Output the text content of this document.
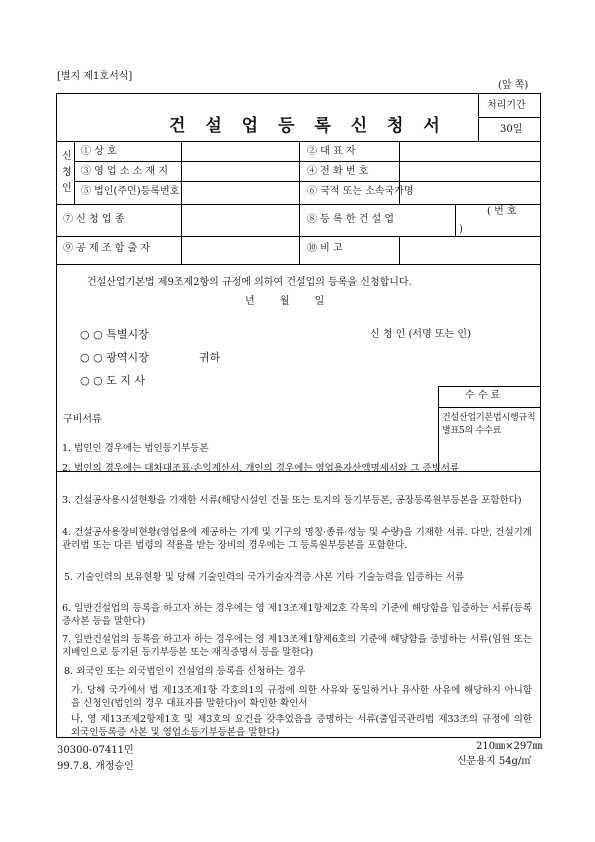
[별지 제1호서식]
(앞 쪽)
건 설 업 등 록 신 청 서
처리기간
30일
신
청
인
① 상 호	② 대 표 자
③ 영 업 소 소 재 지	④ 전 화 번 호
⑤ 법인(주민)등록번호	⑥ 국적 또는 소속국가명
⑦ 신 청 업 종	⑧ 등 록 한 건 설 업
( 번 호
)
⑨ 공 제 조 합 출 자	⑩ 비 고
건설산업기본법 제9조제2항의 규정에 의하여 건설업의 등록을 신청합니다.
년 월 일
○ ○ 특별시장
○ ○ 광역시장	귀하
○ ○ 도 지 사
신 청 인 (서명 또는 인)
수 수 료
건설산업기본법시행규칙 별표5의 수수료
구비서류
1. 법인인 경우에는 법인등기부등본
2. 법인의 경우에는 대차대조표·손익계산서, 개인의 경우에는 영업용자산액명세서와 그 증빙서류
3. 건설공사용시설현황을 기재한 서류(해당시설인 건물 또는 토지의 등기부등본, 공장등록원부등본을 포함한다)
4. 건설공사용장비현황(영업용에 제공하는 기계 및 기구의 명칭·종류·성능 및 수량)을 기재한 서류. 다만, 건설기계관리법 또는 다른 법령의 적용을 받는 장비의 경우에는 그 등록원부등본을 포함한다.
5. 기술인력의 보유현황 및 당해 기술인력의 국가기술자격증 사본 기타 기술능력을 입증하는 서류
6. 일반건설업의 등록을 하고자 하는 경우에는 영 제13조제1항제2호 각목의 기준에 해당함을 입증하는 서류(등록증사본 등을 말한다)
7. 일반건설업의 등록을 하고자 하는 경우에는 영 제13조제1항제6호의 기준에 해당함을 증빙하는 서류(임원 또는 지배인으로 등기된 등기부등본 또는 재직증명서 등을 말한다)
8. 외국인 또는 외국법인이 건설업의 등록을 신청하는 경우
가. 당해 국가에서 법 제13조제1항 각호의1의 규정에 의한 사유와 동일하거나 유사한 사유에 해당하지 아니함을 신청인(법인의 경우 대표자를 말한다)이 확인한 확인서
나. 영 제13조제2항제1호 및 제3호의 요건을 갖추었음을 증명하는 서류(출입국관리법 제33조의 규정에 의한 외국인등록증 사본 및 영업소등기부등본을 말한다)
30300-07411민
99.7.8. 개정승인
210㎜×297㎜
신문용지 54g/㎡
